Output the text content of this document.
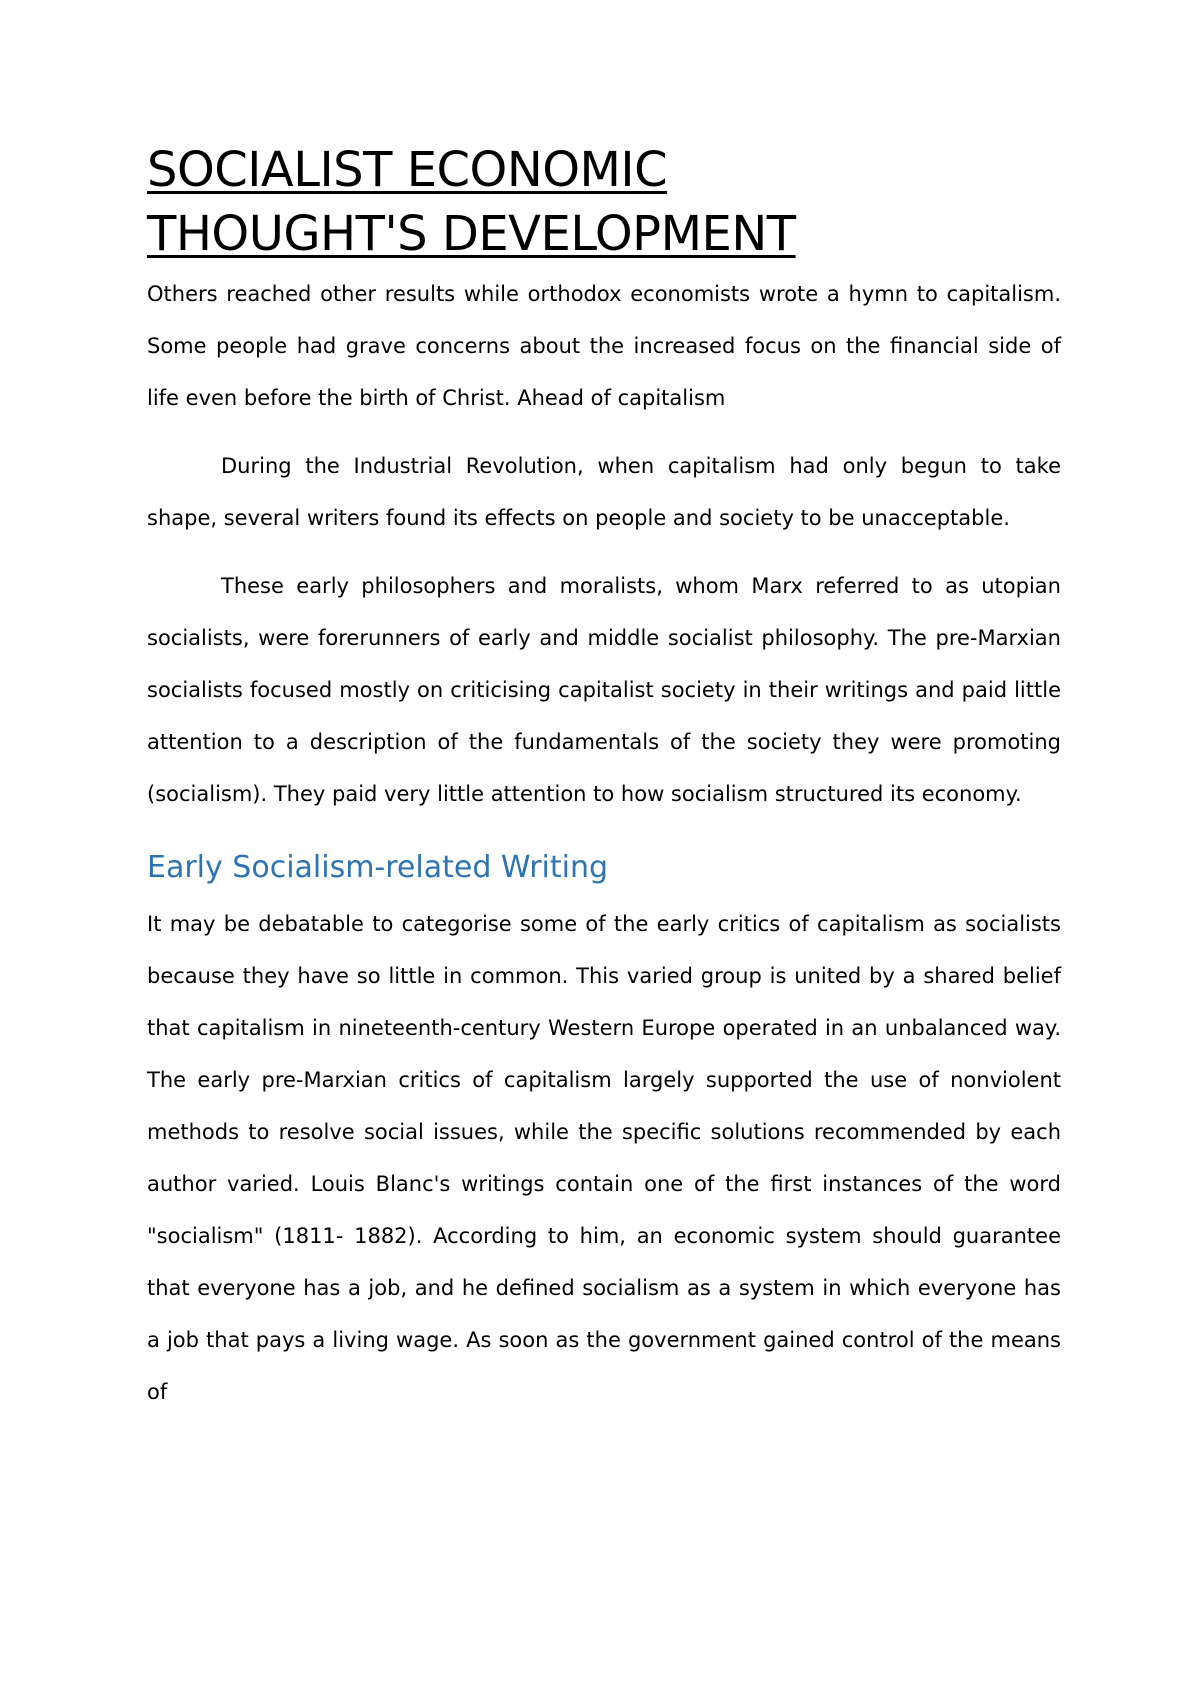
SOCIALIST ECONOMIC
THOUGHT'S DEVELOPMENT

Others reached other results while orthodox economists wrote a hymn to capitalism. Some people had grave concerns about the increased focus on the financial side of life even before the birth of Christ. Ahead of capitalism

During the Industrial Revolution, when capitalism had only begun to take shape, several writers found its effects on people and society to be unacceptable.

These early philosophers and moralists, whom Marx referred to as utopian socialists, were forerunners of early and middle socialist philosophy. The pre-Marxian socialists focused mostly on criticising capitalist society in their writings and paid little attention to a description of the fundamentals of the society they were promoting (socialism). They paid very little attention to how socialism structured its economy.

Early Socialism-related Writing

It may be debatable to categorise some of the early critics of capitalism as socialists because they have so little in common. This varied group is united by a shared belief that capitalism in nineteenth-century Western Europe operated in an unbalanced way. The early pre-Marxian critics of capitalism largely supported the use of nonviolent methods to resolve social issues, while the specific solutions recommended by each author varied. Louis Blanc's writings contain one of the first instances of the word "socialism" (1811- 1882). According to him, an economic system should guarantee that everyone has a job, and he defined socialism as a system in which everyone has a job that pays a living wage. As soon as the government gained control of the means of
